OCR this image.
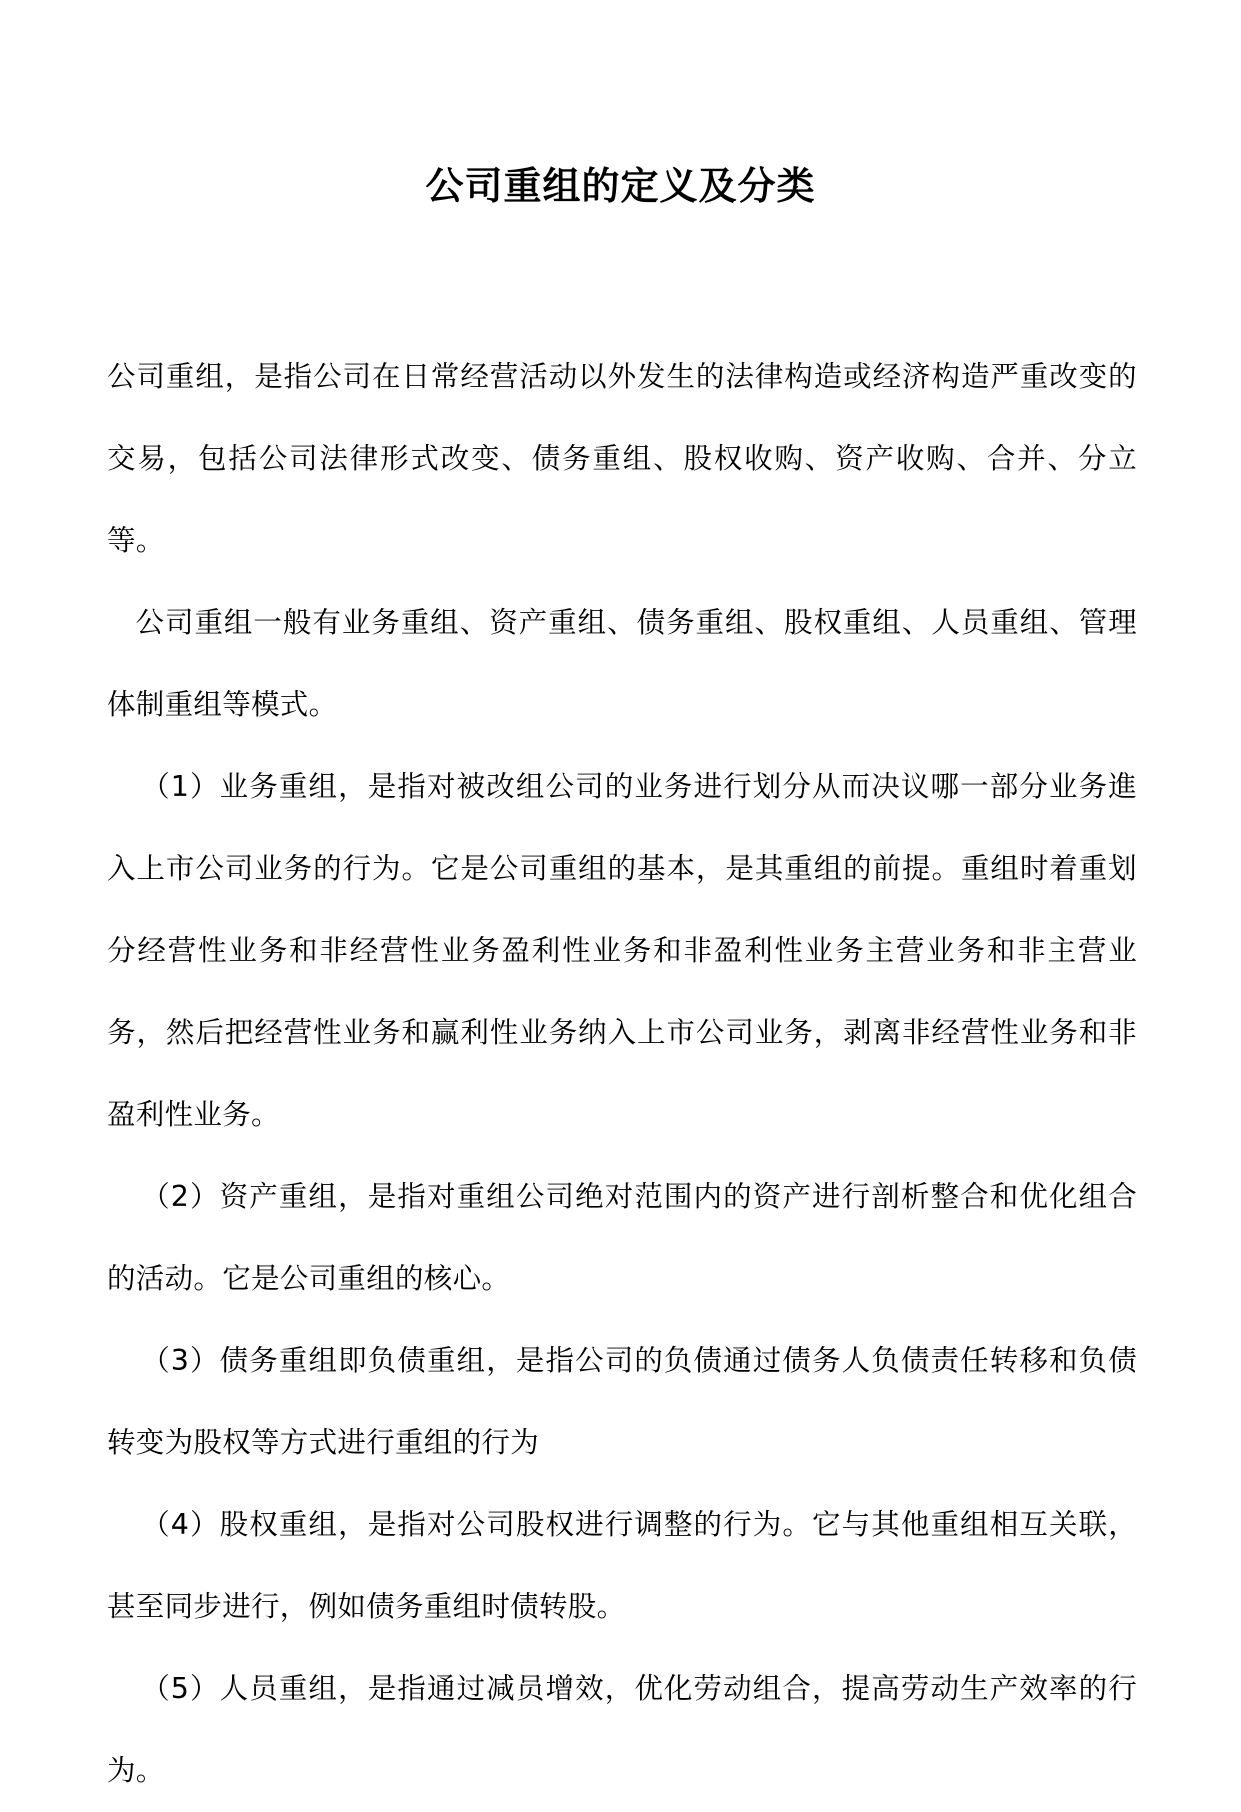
公司重组的定义及分类

公司重组，是指公司在日常经营活动以外发生的法律构造或经济构造严重改变的交易，包括公司法律形式改变、债务重组、股权收购、资产收购、合并、分立等。

公司重组一般有业务重组、资产重组、债务重组、股权重组、人员重组、管理体制重组等模式。

（1）业务重组，是指对被改组公司的业务进行划分从而决议哪一部分业务進入上市公司业务的行为。它是公司重组的基本，是其重组的前提。重组时着重划分经营性业务和非经营性业务盈利性业务和非盈利性业务主营业务和非主营业务，然后把经营性业务和赢利性业务纳入上市公司业务，剥离非经营性业务和非盈利性业务。

（2）资产重组，是指对重组公司绝对范围内的资产进行剖析整合和优化组合的活动。它是公司重组的核心。

（3）债务重组即负债重组，是指公司的负债通过债务人负债责任转移和负债转变为股权等方式进行重组的行为

（4）股权重组，是指对公司股权进行调整的行为。它与其他重组相互关联，甚至同步进行，例如债务重组时债转股。

（5）人员重组，是指通过减员增效，优化劳动组合，提高劳动生产效率的行为。
